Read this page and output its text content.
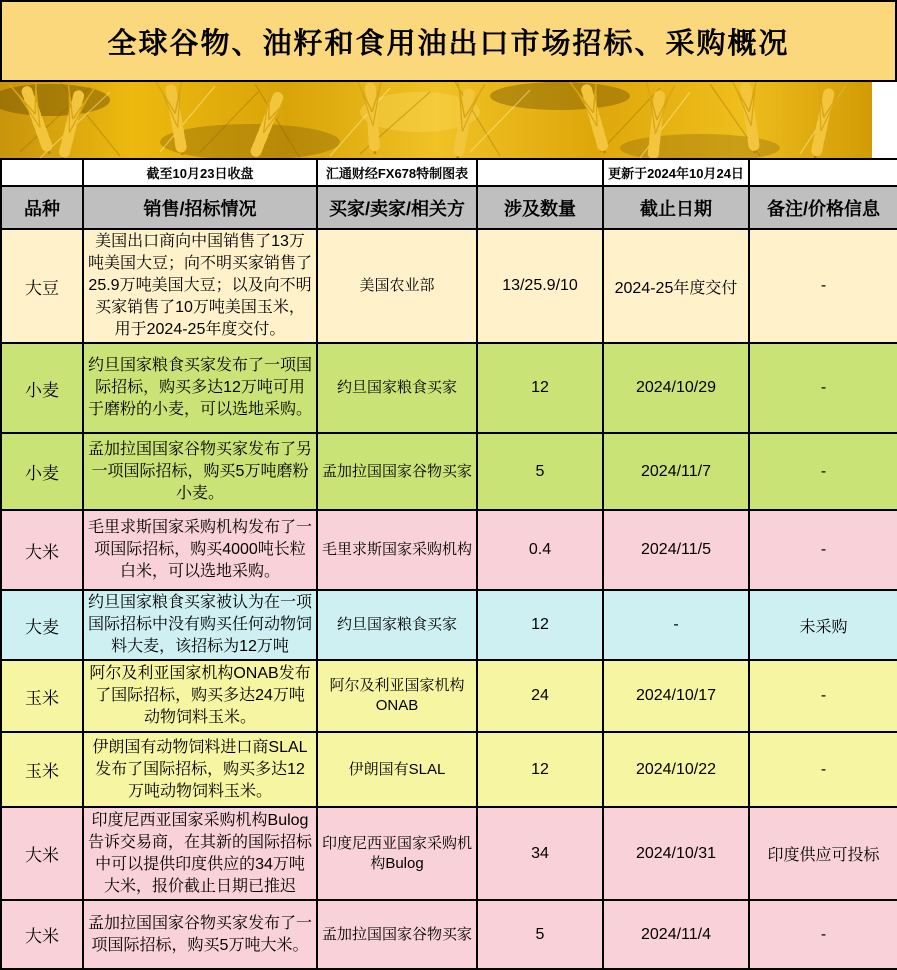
全球谷物、油籽和食用油出口市场招标、采购概况
	截至10月23日收盘	汇通财经FX678特制图表		更新于2024年10月24日	
品种	销售/招标情况	买家/卖家/相关方	涉及数量	截止日期	备注/价格信息
大豆	美国出口商向中国销售了13万吨美国大豆；向不明买家销售了25.9万吨美国大豆；以及向不明买家销售了10万吨美国玉米，用于2024-25年度交付。	美国农业部	13/25.9/10	2024-25年度交付	-
小麦	约旦国家粮食买家发布了一项国际招标，购买多达12万吨可用于磨粉的小麦，可以选地采购。	约旦国家粮食买家	12	2024/10/29	-
小麦	孟加拉国国家谷物买家发布了另一项国际招标，购买5万吨磨粉小麦。	孟加拉国国家谷物买家	5	2024/11/7	-
大米	毛里求斯国家采购机构发布了一项国际招标，购买4000吨长粒白米，可以选地采购。	毛里求斯国家采购机构	0.4	2024/11/5	-
大麦	约旦国家粮食买家被认为在一项国际招标中没有购买任何动物饲料大麦，该招标为12万吨	约旦国家粮食买家	12	-	未采购
玉米	阿尔及利亚国家机构ONAB发布了国际招标，购买多达24万吨动物饲料玉米。	阿尔及利亚国家机构ONAB	24	2024/10/17	-
玉米	伊朗国有动物饲料进口商SLAL发布了国际招标，购买多达12万吨动物饲料玉米。	伊朗国有SLAL	12	2024/10/22	-
大米	印度尼西亚国家采购机构Bulog告诉交易商，在其新的国际招标中可以提供印度供应的34万吨大米，报价截止日期已推迟	印度尼西亚国家采购机构Bulog	34	2024/10/31	印度供应可投标
大米	孟加拉国国家谷物买家发布了一项国际招标，购买5万吨大米。	孟加拉国国家谷物买家	5	2024/11/4	-
